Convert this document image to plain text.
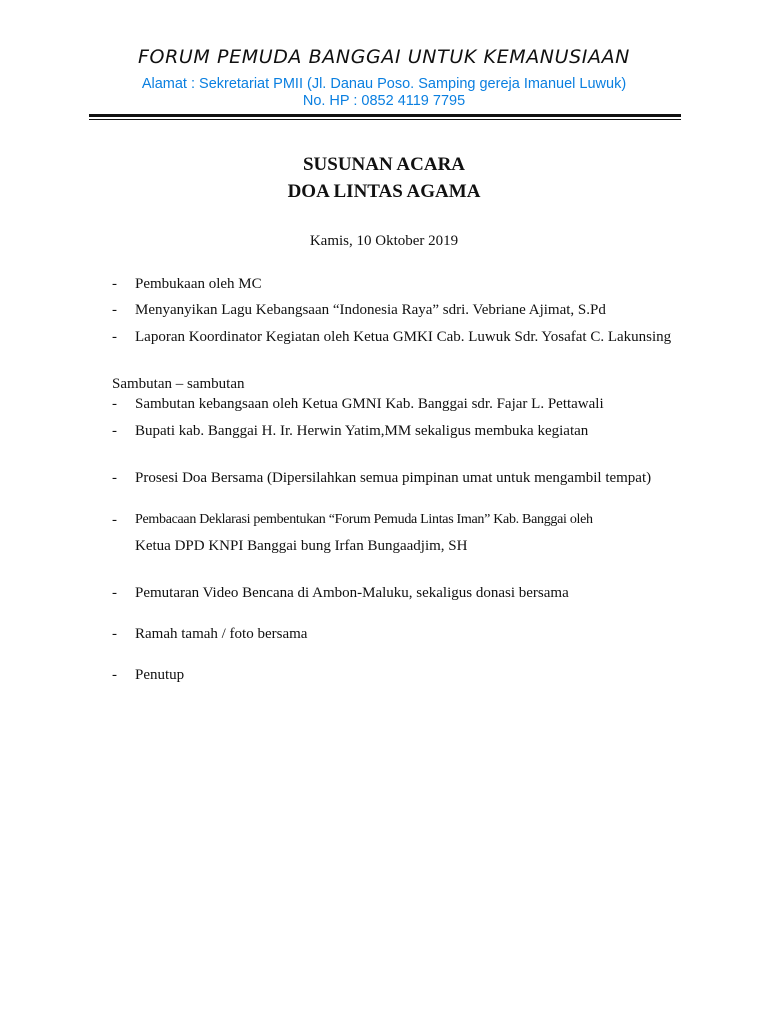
FORUM PEMUDA BANGGAI UNTUK KEMANUSIAAN
Alamat : Sekretariat PMII (Jl. Danau Poso. Samping gereja Imanuel Luwuk)
No. HP : 0852 4119 7795
SUSUNAN ACARA
DOA LINTAS AGAMA
Kamis, 10 Oktober 2019
- Pembukaan oleh MC
- Menyanyikan Lagu Kebangsaan “Indonesia Raya” sdri. Vebriane Ajimat, S.Pd
- Laporan Koordinator Kegiatan oleh Ketua GMKI Cab. Luwuk Sdr. Yosafat C. Lakunsing
Sambutan – sambutan
- Sambutan kebangsaan oleh Ketua GMNI Kab. Banggai sdr. Fajar L. Pettawali
- Bupati kab. Banggai H. Ir. Herwin Yatim,MM sekaligus membuka kegiatan
- Prosesi Doa Bersama (Dipersilahkan semua pimpinan umat untuk mengambil tempat)
- Pembacaan Deklarasi pembentukan “Forum Pemuda Lintas Iman” Kab. Banggai oleh
Ketua DPD KNPI Banggai bung Irfan Bungaadjim, SH
- Pemutaran Video Bencana di Ambon-Maluku, sekaligus donasi bersama
- Ramah tamah / foto bersama
- Penutup
